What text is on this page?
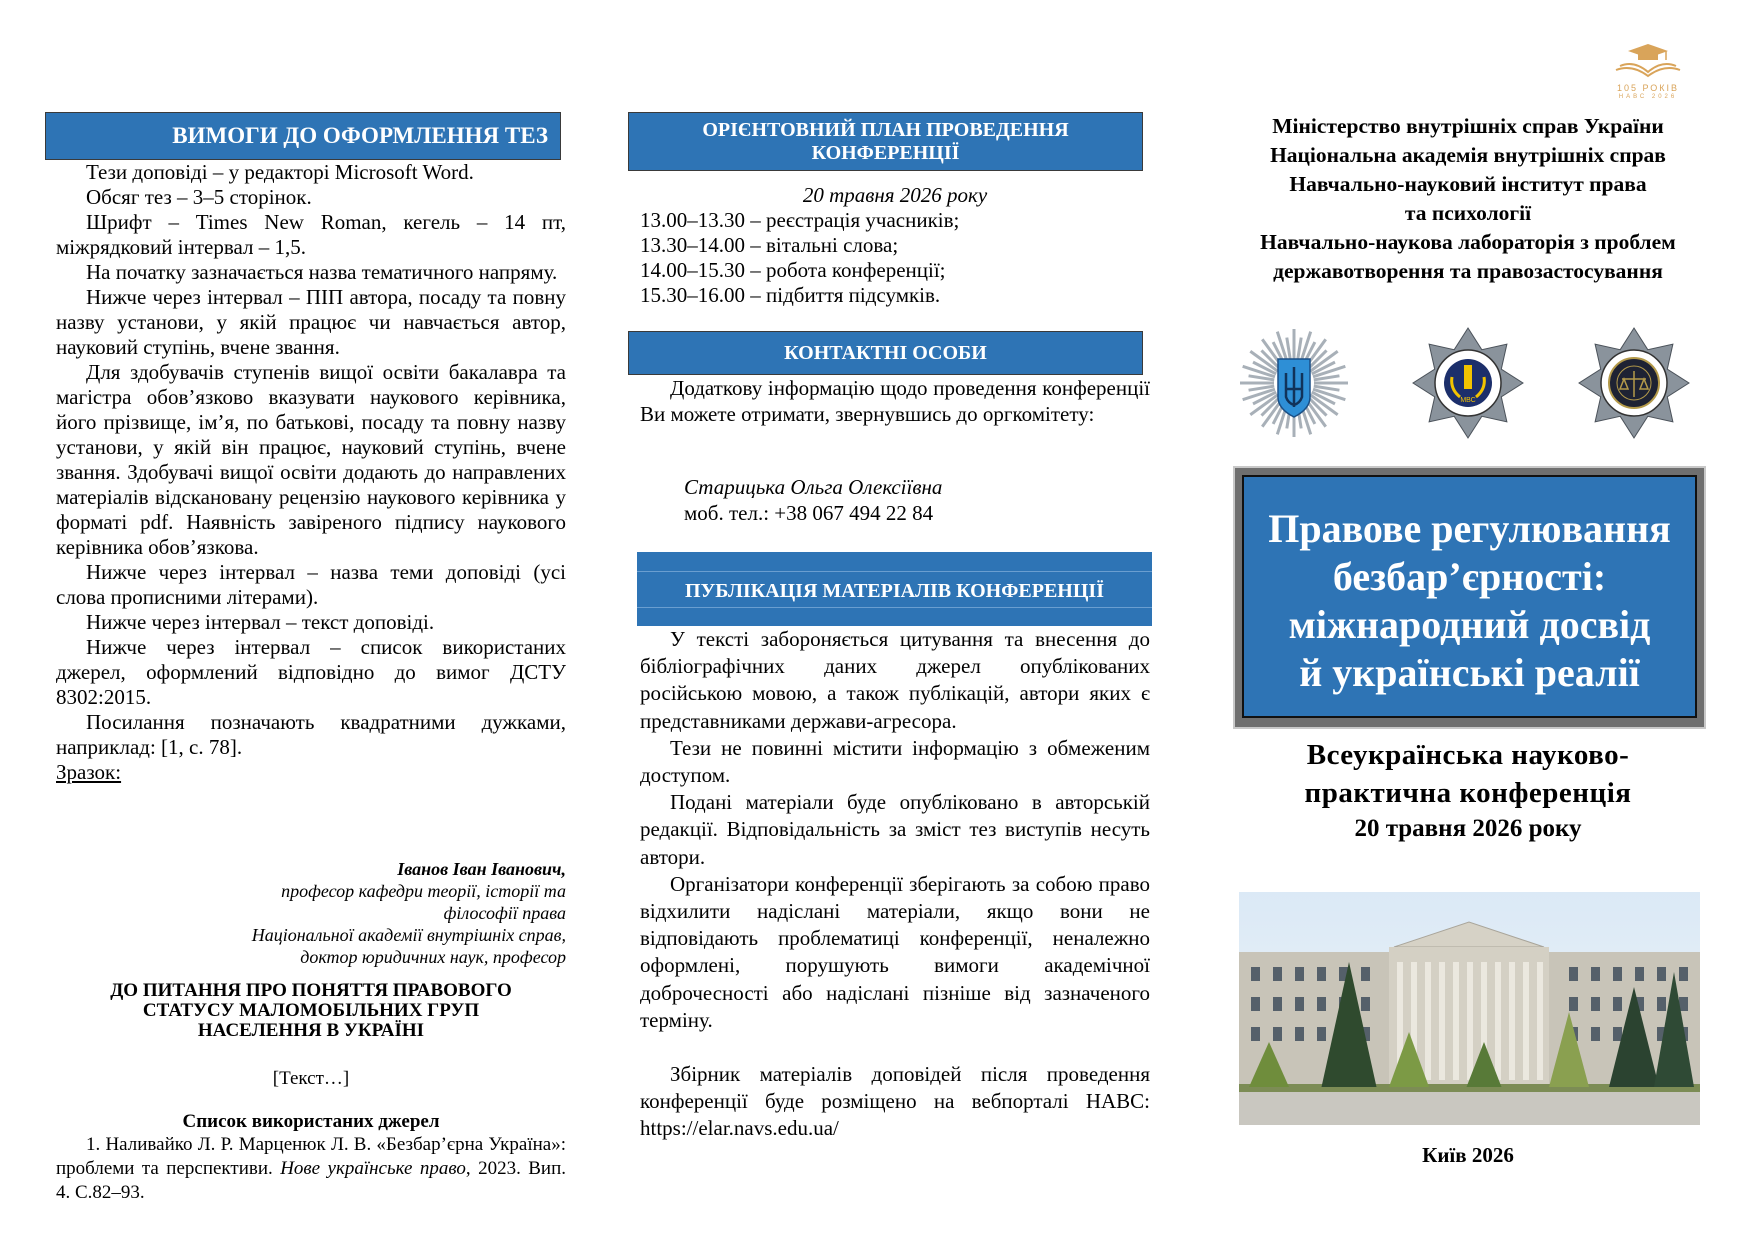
ВИМОГИ ДО ОФОРМЛЕННЯ ТЕЗ

Тези доповіді – у редакторі Microsoft Word.

Обсяг тез – 3–5 сторінок.

Шрифт – Times New Roman, кегель – 14 пт, міжрядковий інтервал – 1,5.

На початку зазначається назва тематичного напряму.

Нижче через інтервал – ПІП автора, посаду та повну назву установи, у якій працює чи навчається автор, науковий ступінь, вчене звання.

Для здобувачів ступенів вищої освіти бакалавра та магістра обов’язково вказувати наукового керівника, його прізвище, ім’я, по батькові, посаду та повну назву установи, у якій він працює, науковий ступінь, вчене звання. Здобувачі вищої освіти додають до направлених матеріалів відскановану рецензію наукового керівника у форматі pdf. Наявність завіреного підпису наукового керівника обов’язкова.

Нижче через інтервал – назва теми доповіді (усі слова прописними літерами).

Нижче через інтервал – текст доповіді.

Нижче через інтервал – список використаних джерел, оформлений відповідно до вимог ДСТУ 8302:2015.

Посилання позначають квадратними дужками, наприклад: [1, с. 78].

Зразок:
Іванов Іван Іванович,
професор кафедри теорії, історії та
філософії права
Національної академії внутрішніх справ,
доктор юридичних наук, професор
ДО ПИТАННЯ ПРО ПОНЯТТЯ ПРАВОВОГО
СТАТУСУ МАЛОМОБІЛЬНИХ ГРУП
НАСЕЛЕННЯ В УКРАЇНІ
[Текст…]
Список використаних джерел
1. Наливайко Л. Р. Марценюк Л. В. «Безбар’єрна Україна»: проблеми та перспективи. Нове українське право, 2023. Вип. 4. С.82–93.
ОРІЄНТОВНИЙ ПЛАН ПРОВЕДЕННЯ
КОНФЕРЕНЦІЇ
20 травня 2026 року
13.00–13.30 – реєстрація учасників;
13.30–14.00 – вітальні слова;
14.00–15.30 – робота конференції;
15.30–16.00 – підбиття підсумків.
КОНТАКТНІ ОСОБИ

Додаткову інформацію щодо проведення конференції Ви можете отримати, звернувшись до оргкомітету:

Старицька Ольга Олексіївна
моб. тел.: +38 067 494 22 84
ПУБЛІКАЦІЯ МАТЕРІАЛІВ КОНФЕРЕНЦІЇ

У тексті забороняється цитування та внесення до бібліографічних даних джерел опублікованих російською мовою, а також публікацій, автори яких є представниками держави-агресора.

Тези не повинні містити інформацію з обмеженим доступом.

Подані матеріали буде опубліковано в авторській редакції. Відповідальність за зміст тез виступів несуть автори.

Організатори конференції зберігають за собою право відхилити надіслані матеріали, якщо вони не відповідають проблематиці конференції, неналежно оформлені, порушують вимоги академічної доброчесності або надіслані пізніше від зазначеного терміну.

Збірник матеріалів доповідей після проведення конференції буде розміщено на вебпорталі НАВС: https://elar.navs.edu.ua/

105 РОКІВ
НАВС 2026
Міністерство внутрішніх справ України
Національна академія внутрішніх справ
Навчально-науковий інститут права
та психології
Навчально-наукова лабораторія з проблем
державотворення та правозастосування
МВС
Правове регулювання
безбар’єрності:
міжнародний досвід
й українські реалії
Всеукраїнська науково-
практична конференція
20 травня 2026 року
Київ 2026
